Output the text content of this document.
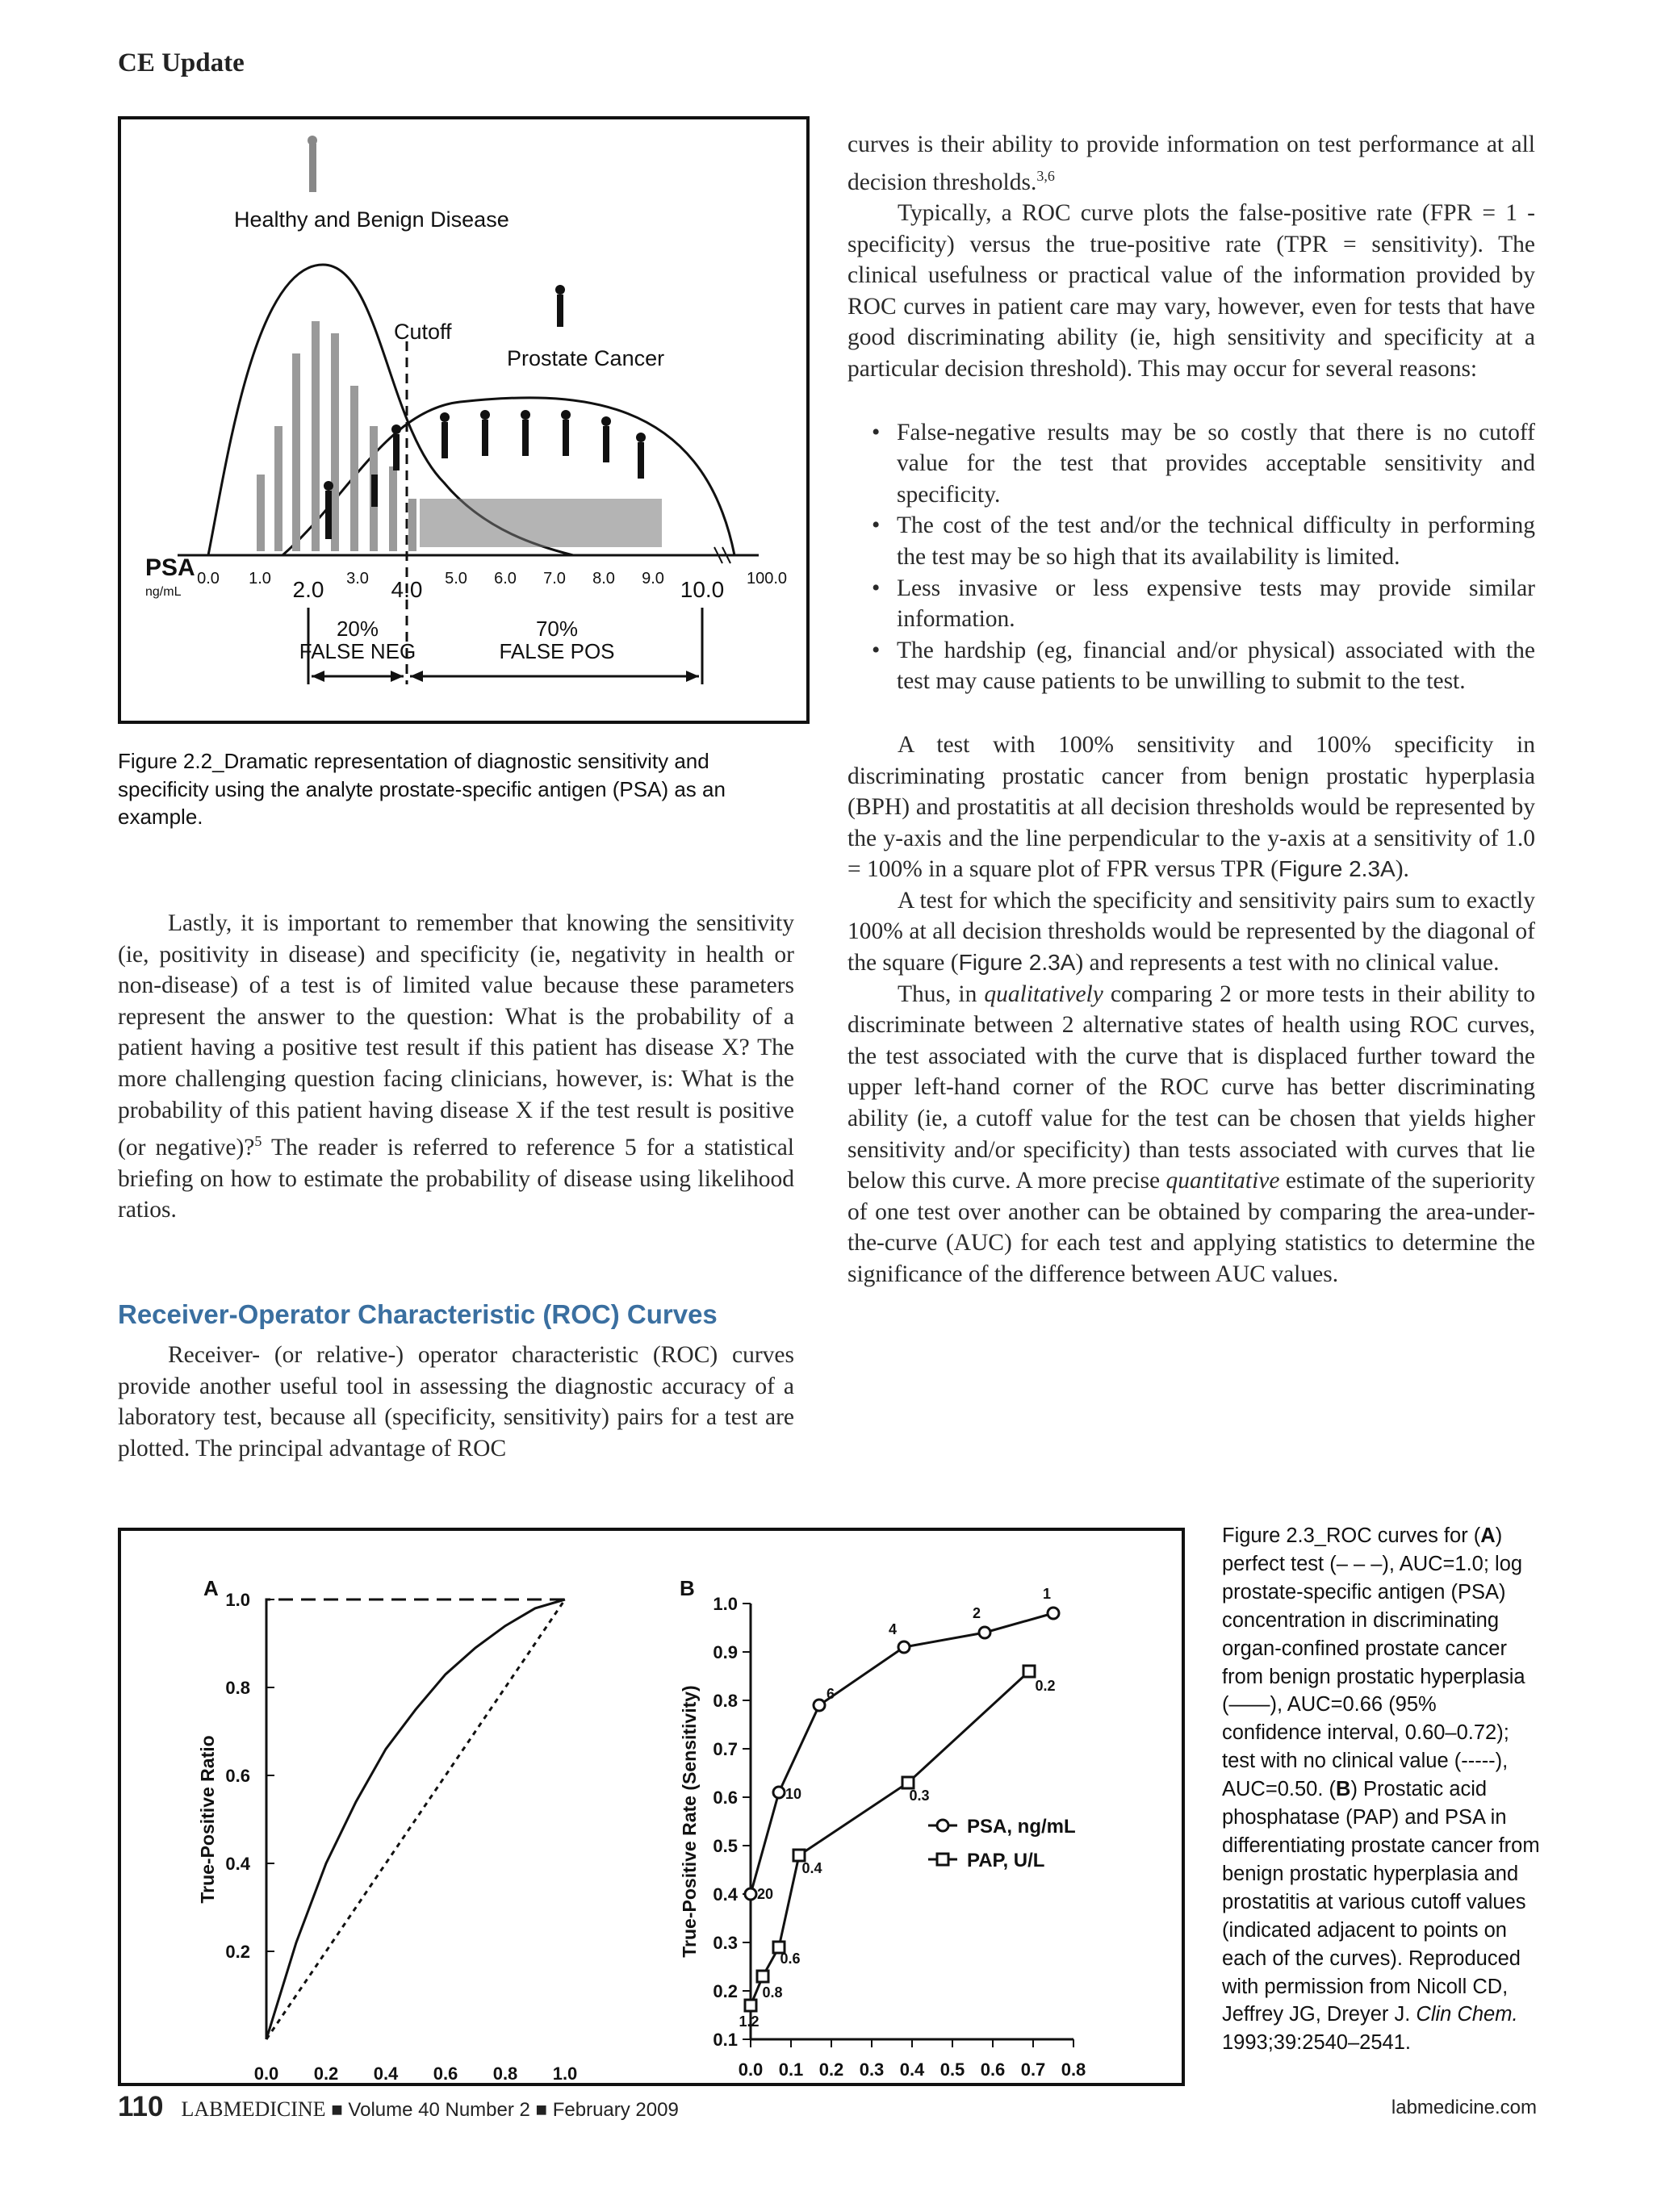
CE Update
Healthy and Benign Disease
Cutoff
Prostate Cancer
PSA
ng/mL
0.0 1.0 2.0 3.0 4.0 5.0 6.0 7.0 8.0 9.0 10.0 100.0
20%
FALSE NEG
70%
FALSE POS
Figure 2.2_Dramatic representation of diagnostic sensitivity and specificity using the analyte prostate-specific antigen (PSA) as an example.

Lastly, it is important to remember that knowing the sensitivity (ie, positivity in disease) and specificity (ie, negativity in health or non-disease) of a test is of limited value because these parameters represent the answer to the question: What is the probability of a patient having a positive test result if this patient has disease X? The more challenging question facing clinicians, however, is: What is the probability of this patient having disease X if the test result is positive (or negative)?$^5$ The reader is referred to reference 5 for a statistical briefing on how to estimate the probability of disease using likelihood ratios.

Receiver-Operator Characteristic (ROC) Curves

Receiver- (or relative-) operator characteristic (ROC) curves provide another useful tool in assessing the diagnostic accuracy of a laboratory test, because all (specificity, sensitivity) pairs for a test are plotted. The principal advantage of ROC

curves is their ability to provide information on test performance at all decision thresholds.$^{3,6}$

Typically, a ROC curve plots the false-positive rate (FPR = 1 - specificity) versus the true-positive rate (TPR = sensitivity). The clinical usefulness or practical value of the information provided by ROC curves in patient care may vary, however, even for tests that have good discriminating ability (ie, high sensitivity and specificity at a particular decision threshold). This may occur for several reasons:

• False-negative results may be so costly that there is no cutoff value for the test that provides acceptable sensitivity and specificity.
• The cost of the test and/or the technical difficulty in performing the test may be so high that its availability is limited.
• Less invasive or less expensive tests may provide similar information.
• The hardship (eg, financial and/or physical) associated with the test may cause patients to be unwilling to submit to the test.

A test with 100% sensitivity and 100% specificity in discriminating prostatic cancer from benign prostatic hyperplasia (BPH) and prostatitis at all decision thresholds would be represented by the y-axis and the line perpendicular to the y-axis at a sensitivity of 1.0 = 100% in a square plot of FPR versus TPR (Figure 2.3A).

A test for which the specificity and sensitivity pairs sum to exactly 100% at all decision thresholds would be represented by the diagonal of the square (Figure 2.3A) and represents a test with no clinical value.

Thus, in qualitatively comparing 2 or more tests in their ability to discriminate between 2 alternative states of health using ROC curves, the test associated with the curve that is displaced further toward the upper left-hand corner of the ROC curve has better discriminating ability (ie, a cutoff value for the test can be chosen that yields higher sensitivity and/or specificity) than tests associated with curves that lie below this curve. A more precise quantitative estimate of the superiority of one test over another can be obtained by comparing the area-under-the-curve (AUC) for each test and applying statistics to determine the significance of the difference between AUC values.

A
0.2
0.4
0.6
0.8
1.0
0.0 0.2 0.4 0.6 0.8 1.0
True-Positive Ratio
B
0.1
0.2
0.3
0.4
0.5
0.6
0.7
0.8
0.9
1.0
0.0 0.1 0.2 0.3 0.4 0.5 0.6 0.7 0.8
True-Positive Rate (Sensitivity)	20
10
6
4
2
1
1.2
0.8
0.6
0.4
0.3
0.2
PSA, ng/mL
PAP, U/L
Figure 2.3_ROC curves for (A) perfect test (– – –), AUC=1.0; log prostate-specific antigen (PSA) concentration in discriminating organ-confined prostate cancer from benign prostatic hyperplasia (——), AUC=0.66 (95% confidence interval, 0.60–0.72); test with no clinical value (-----), AUC=0.50. (B) Prostatic acid phosphatase (PAP) and PSA in differentiating prostate cancer from benign prostatic hyperplasia and prostatitis at various cutoff values (indicated adjacent to points on each of the curves). Reproduced with permission from Nicoll CD, Jeffrey JG, Dreyer J. Clin Chem. 1993;39:2540–2541.
110 LABMEDICINE ■ Volume 40 Number 2 ■ February 2009	labmedicine.com
